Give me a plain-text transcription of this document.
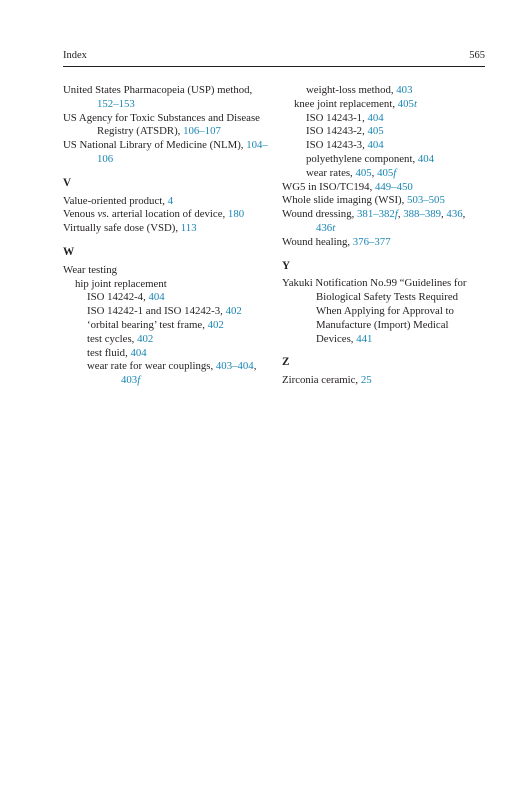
Index	565
United States Pharmacopeia (USP) method, 152–153
US Agency for Toxic Substances and Disease Registry (ATSDR), 106–107
US National Library of Medicine (NLM), 104–106
V
Value-oriented product, 4
Venous vs. arterial location of device, 180
Virtually safe dose (VSD), 113
W
Wear testing
hip joint replacement
ISO 14242-4, 404
ISO 14242-1 and ISO 14242-3, 402
‘orbital bearing’ test frame, 402
test cycles, 402
test fluid, 404
wear rate for wear couplings, 403–404, 403f
weight-loss method, 403
knee joint replacement, 405t
ISO 14243-1, 404
ISO 14243-2, 405
ISO 14243-3, 404
polyethylene component, 404
wear rates, 405, 405f
WG5 in ISO/TC194, 449–450
Whole slide imaging (WSI), 503–505
Wound dressing, 381–382f, 388–389, 436, 436t
Wound healing, 376–377
Y
Yakuki Notification No.99 “Guidelines for Biological Safety Tests Required When Applying for Approval to Manufacture (Import) Medical Devices, 441
Z
Zirconia ceramic, 25
